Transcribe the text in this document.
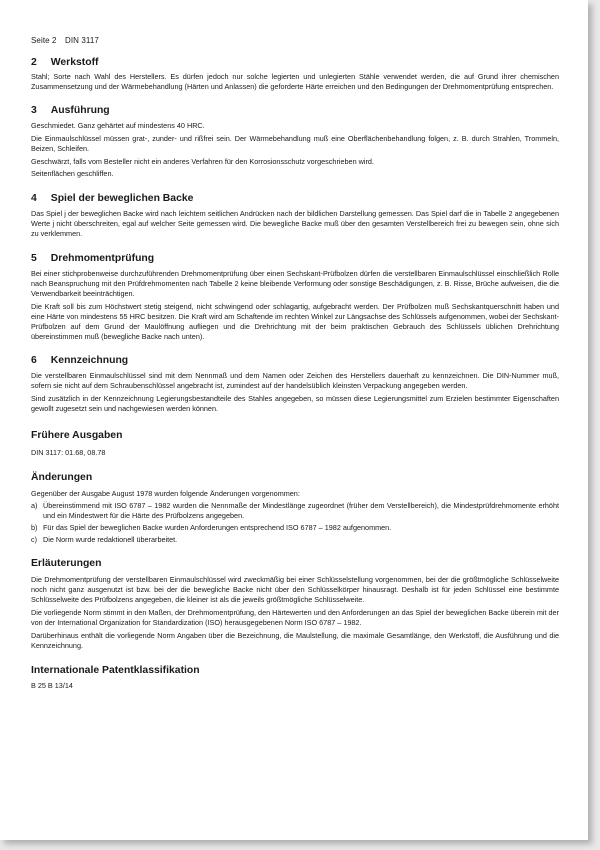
Seite 2 DIN 3117
2 Werkstoff

Stahl; Sorte nach Wahl des Herstellers. Es dürfen jedoch nur solche legierten und unlegierten Stähle verwendet werden, die auf Grund ihrer chemischen Zusammensetzung und der Wärmebehandlung (Härten und Anlassen) die geforderte Härte erreichen und den Bedingungen der Drehmomentprüfung entsprechen.

3 Ausführung

Geschmiedet. Ganz gehärtet auf mindestens 40 HRC.

Die Einmaulschlüssel müssen grat-, zunder- und rißfrei sein. Der Wärmebehandlung muß eine Oberflächenbehandlung folgen, z. B. durch Strahlen, Trommeln, Beizen, Schleifen.

Geschwärzt, falls vom Besteller nicht ein anderes Verfahren für den Korrosionsschutz vorgeschrieben wird.

Seitenflächen geschliffen.

4 Spiel der beweglichen Backe

Das Spiel j der beweglichen Backe wird nach leichtem seitlichen Andrücken nach der bildlichen Darstellung gemessen. Das Spiel darf die in Tabelle 2 angegebenen Werte j nicht überschreiten, egal auf welcher Seite gemessen wird. Die bewegliche Backe muß über den gesamten Verstellbereich frei zu bewegen sein, ohne sich zu verklemmen.

5 Drehmomentprüfung

Bei einer stichprobenweise durchzuführenden Drehmomentprüfung über einen Sechskant-Prüfbolzen dürfen die verstellbaren Einmaulschlüssel einschließlich Rolle nach Beanspruchung mit den Prüfdrehmomenten nach Tabelle 2 keine bleibende Verformung oder sonstige Beschädigungen, z. B. Risse, Brüche aufweisen, die die Verwendbarkeit beeinträchtigen.

Die Kraft soll bis zum Höchstwert stetig steigend, nicht schwingend oder schlagartig, aufgebracht werden. Der Prüfbolzen muß Sechskantquerschnitt haben und eine Härte von mindestens 55 HRC besitzen. Die Kraft wird am Schaftende im rechten Winkel zur Längsachse des Schlüssels aufgenommen, wobei der Sechskant-Prüfbolzen auf dem Grund der Maulöffnung aufliegen und die Drehrichtung mit der beim praktischen Gebrauch des Schlüssels üblichen Drehrichtung übereinstimmen muß (bewegliche Backe nach unten).

6 Kennzeichnung

Die verstellbaren Einmaulschlüssel sind mit dem Nennmaß und dem Namen oder Zeichen des Herstellers dauerhaft zu kennzeichnen. Die DIN-Nummer muß, sofern sie nicht auf dem Schraubenschlüssel angebracht ist, zumindest auf der handelsüblich kleinsten Verpackung angegeben werden.

Sind zusätzlich in der Kennzeichnung Legierungsbestandteile des Stahles angegeben, so müssen diese Legierungsmittel zum Erzielen bestimmter Eigenschaften gewollt zugesetzt sein und nachgewiesen werden können.

Frühere Ausgaben

DIN 3117: 01.68, 08.78

Änderungen

Gegenüber der Ausgabe August 1978 wurden folgende Änderungen vorgenommen:

a) Übereinstimmend mit ISO 6787 – 1982 wurden die Nennmaße der Mindestlänge zugeordnet (früher dem Verstellbereich), die Mindestprüfdrehmomente erhöht und ein Mindestwert für die Härte des Prüfbolzens angegeben.
b) Für das Spiel der beweglichen Backe wurden Anforderungen entsprechend ISO 6787 – 1982 aufgenommen.
c) Die Norm wurde redaktionell überarbeitet.
Erläuterungen

Die Drehmomentprüfung der verstellbaren Einmaulschlüssel wird zweckmäßig bei einer Schlüsselstellung vorgenommen, bei der die größtmögliche Schlüsselweite noch nicht ganz ausgenutzt ist bzw. bei der die bewegliche Backe nicht über den Schlüsselkörper hinausragt. Deshalb ist für jeden Schlüssel eine bestimmte Schlüsselweite des Prüfbolzens angegeben, die kleiner ist als die jeweils größtmögliche Schlüsselweite.

Die vorliegende Norm stimmt in den Maßen, der Drehmomentprüfung, den Härtewerten und den Anforderungen an das Spiel der beweglichen Backe überein mit der von der International Organization for Standardization (ISO) herausgegebenen Norm ISO 6787 – 1982.

Darüberhinaus enthält die vorliegende Norm Angaben über die Bezeichnung, die Maulstellung, die maximale Gesamtlänge, den Werkstoff, die Ausführung und die Kennzeichnung.

Internationale Patentklassifikation

B 25 B 13/14
